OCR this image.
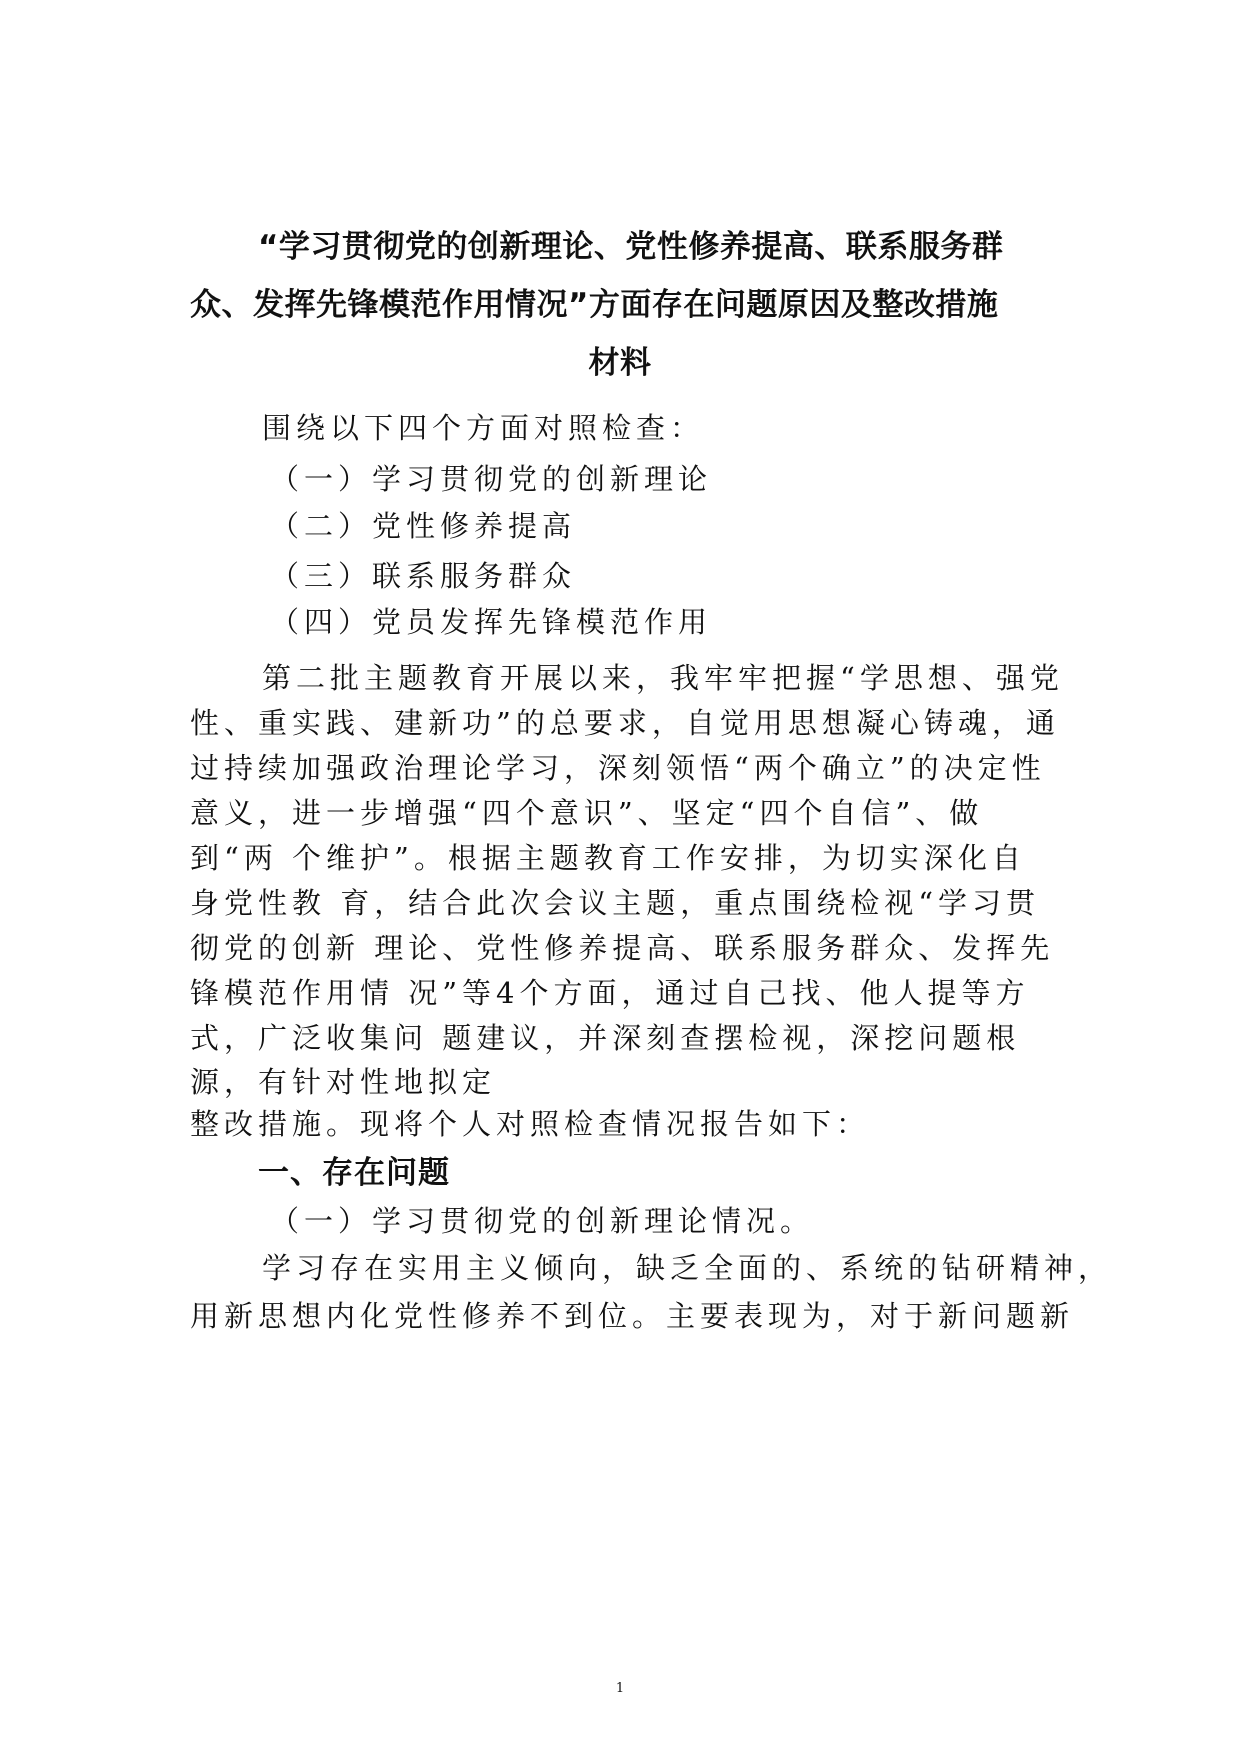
“学习贯彻党的创新理论、党性修养提高、联系服务群
众、发挥先锋模范作用情况”方面存在问题原因及整改措施
材料
围绕以下四个方面对照检查：
（一）学习贯彻党的创新理论
（二）党性修养提高
（三）联系服务群众
（四）党员发挥先锋模范作用
第二批主题教育开展以来，我牢牢把握“学思想、强党
性、重实践、建新功”的总要求，自觉用思想凝心铸魂，通
过持续加强政治理论学习，深刻领悟“两个确立”的决定性
意义，进一步增强“四个意识”、坚定“四个自信”、做
到“两 个维护”。根据主题教育工作安排，为切实深化自
身党性教 育，结合此次会议主题，重点围绕检视“学习贯
彻党的创新 理论、党性修养提高、联系服务群众、发挥先
锋模范作用情 况”等4个方面，通过自己找、他人提等方
式，广泛收集问 题建议，并深刻查摆检视，深挖问题根
源，有针对性地拟定
整改措施。现将个人对照检查情况报告如下：
一、存在问题
（一）学习贯彻党的创新理论情况。
学习存在实用主义倾向，缺乏全面的、系统的钻研精神，
用新思想内化党性修养不到位。主要表现为，对于新问题新
1
